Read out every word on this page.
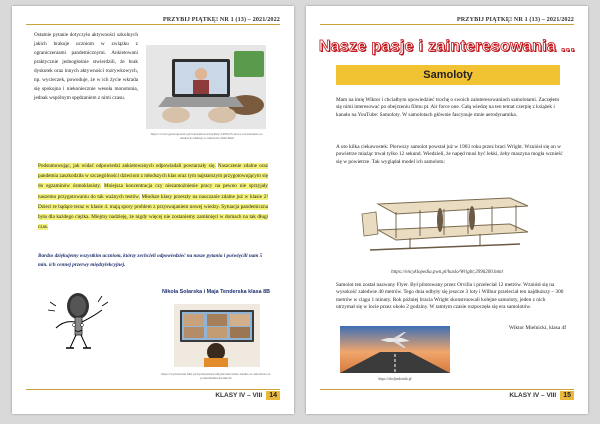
PRZYBIJ PIĄTKĘ! NR 1 (13) – 2021/2022
Ostatnie pytanie dotyczyło aktywności szkolnych jakich brakuje uczniom w związku z ograniczeniami pandemicznymi. Ankietowani praktycznie jednogłośnie stwierdzili, że brak dyskotek oraz innych aktywności rozrywkowych, np. wycieczek, powoduje, że w ich życie wkrada się spokojna i niekoniecznie wesoła monotonia, jednak wspólnym spędzaniem z nimi czasu.
https://www.gazetaprawna.pl/wiadomosci/artykuly/1469125-nowe-rozwiazania-w-edukacji-zdalnej-w-szkolach-2020.html
Podsumowując, jak widać odpowiedzi ankietowanych odpowiadali powtarzały się. Naszczenie zdalne oraz pandemia zaszkodziła w szczególności dzieciom z młodszych klas oraz tym najstarszym przygotowującym się do egzaminów ósmoklasisty. Mniejsza koncentracja czy niezamożnienie pracy na pewno nie sprzyjały naszemu przygotowaniu do tak ważnych testów. Młodsze klasy przeszły na nauczanie zdalne już w klasie 2! Dzieci te bądące teraz w klasie 4. mają spory problem z przyswajaniem nowej wiedzy. Sytuacja pandemiczna była dla każdego ciężka. Miejmy nadzieję, że nigdy więcej nie zostaniemy zamknięci w domach na tak długi czas.
Bardzo dziękujemy wszystkim uczniom, którzy zechcieli odpowiedzieć na nasze pytania i poświęcili nam 5 min. ich cennej przerwy międzylekcyjnej.
Nikola Solarska i Maja Tenderska klasa 8B
https://wydarzenia.fakt.pl/wydarzenia/polityka/nauczanie-zdalne-w-szkolach-od-poniedzialku/kwnmcf2
KLASY IV – VIII	14
PRZYBIJ PIĄTKĘ! NR 1 (13) – 2021/2022
Nasze pasje i zainteresowania ...
Samoloty
Mam na imię Wiktor i chciałbym opowiedzieć trochę o swoich zainteresowaniach samolotami. Zaczęłem się nimi interesować po obejrzeniu filmu pt. Air force one. Całą wiedzę na ten temat czerpię z książek i kanału na YouTube: Samoloty. W samolotach głównie fascynuje mnie aerodynamika.
A oto kilka ciekawostek: Pierwszy samolot powstał już w 1903 roku przez braci Wright. Wzniósł się on w powietrze miażąc trwał tylko 12 sekund. Wiedzieli, że napęd musi być lekki, żeby maszyna mogła wznieść się w powietrze. Tak wyglądał model ich samolotu:
https://encyklopedia.pwn.pl/haslo/Wright;3996200.html
Samolot ten został nazwany Flyer. Był pilotowany przez Orvilla i przeleciał 12 metrów. Wzniósł się na wysokość zaledwie 40 metrów. Tego dnia odbyły się jeszcze 3 loty i Wilbur przeleciał ten najdłuższy – 300 metrów w ciągu 1 minuty. Rok później bracia Wright skonstruowali kolejne samoloty, jeden z nich utrzymał się w locie przez około 2 godziny. W tamtym czasie rozpoczęła się era samolotów.
https://okoljnolotnik.pl
Wiktor Mielnicki, klasa 4f
KLASY IV – VIII	15
